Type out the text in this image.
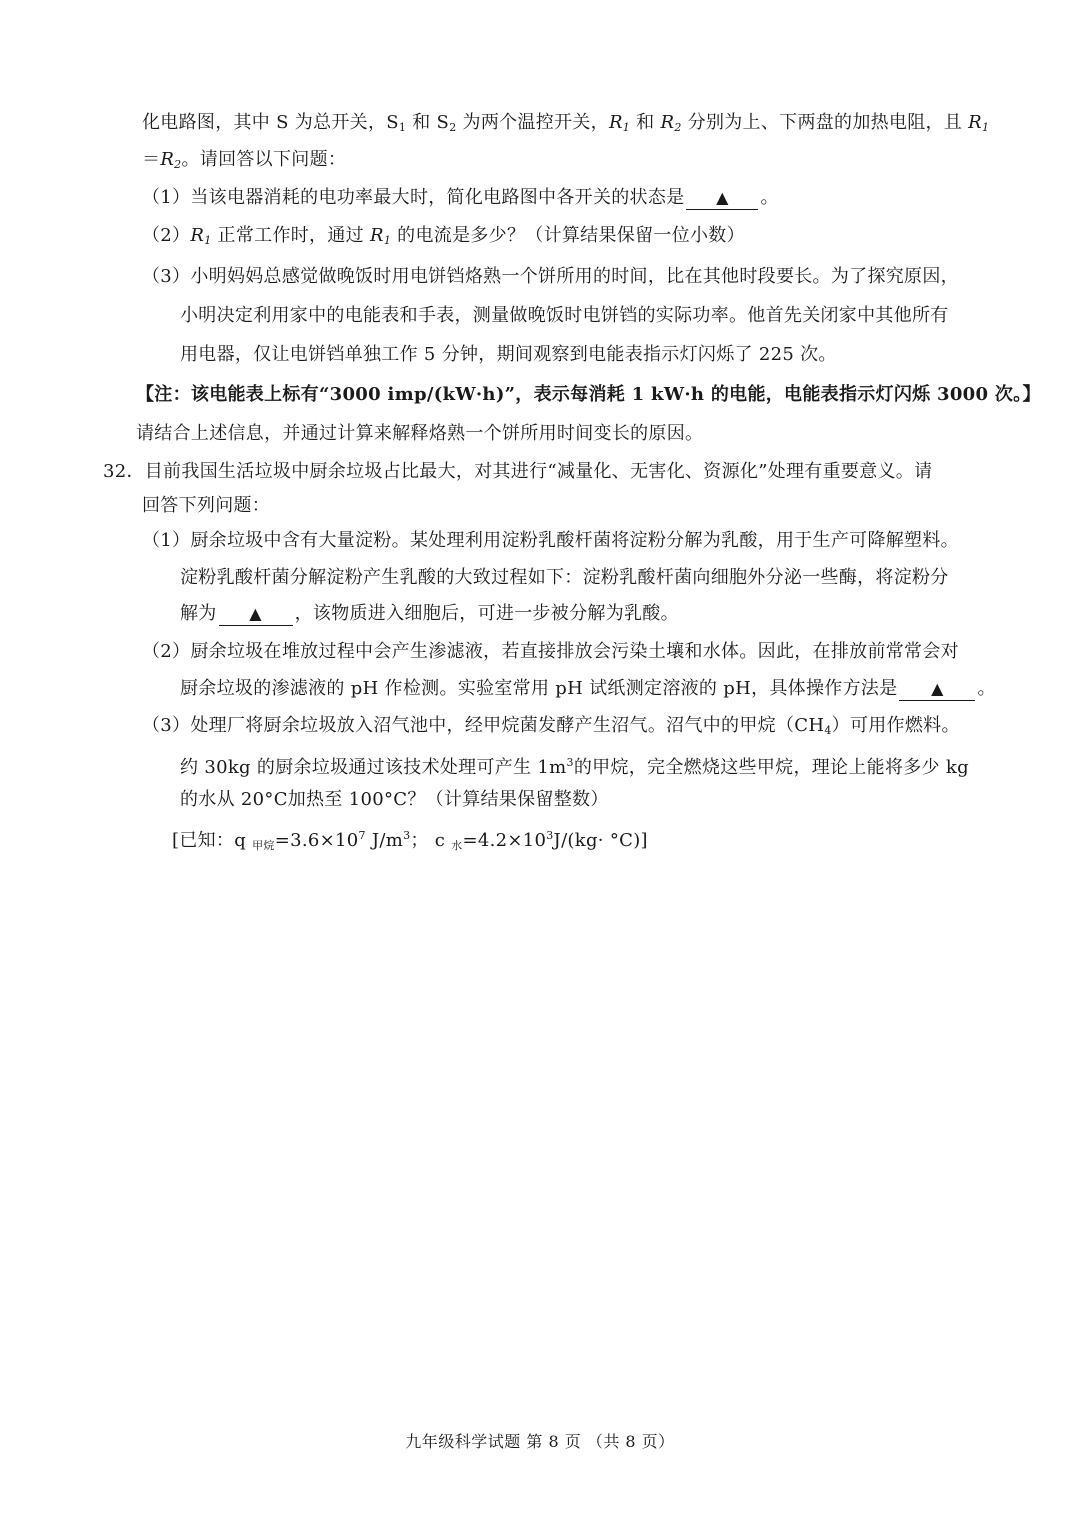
化电路图，其中 S 为总开关，$S_1$ 和 $S_2$ 为两个温控开关，$R_1$ 和 $R_2$ 分别为上、下两盘的加热电阻，且 $R_1$
$=R_2$。请回答以下问题：
（1）当该电器消耗的电功率最大时，简化电路图中各开关的状态是 ▲ 。
$(2)R_1$ 正常工作时，通过 $R_1$ 的电流是多少？（计算结果保留一位小数）
（3）小明妈妈总感觉做晚饭时用电饼铛烙熟一个饼所用的时间，比在其他时段要长。为了探究原因，
小明决定利用家中的电能表和手表，测量做晚饭时电饼铛的实际功率。他首先关闭家中其他所有
用电器，仅让电饼铛单独工作 5 分钟，期间观察到电能表指示灯闪烁了 225 次。
【注：该电能表上标有“3000 imp/(kW·h)”，表示每消耗 1 kW·h 的电能，电能表指示灯闪烁 3000 次。】
请结合上述信息，并通过计算来解释烙熟一个饼所用时间变长的原因。
32．目前我国生活垃圾中厨余垃圾占比最大，对其进行“减量化、无害化、资源化”处理有重要意义。请
回答下列问题：
（1）厨余垃圾中含有大量淀粉。某处理利用淀粉乳酸杆菌将淀粉分解为乳酸，用于生产可降解塑料。
淀粉乳酸杆菌分解淀粉产生乳酸的大致过程如下：淀粉乳酸杆菌向细胞外分泌一些酶，将淀粉分
解为 ▲ ，该物质进入细胞后，可进一步被分解为乳酸。
（2）厨余垃圾在堆放过程中会产生渗滤液，若直接排放会污染土壤和水体。因此，在排放前常常会对
厨余垃圾的渗滤液的 pH 作检测。实验室常用 pH 试纸测定溶液的 pH，具体操作方法是 ▲ 。
（3）处理厂将厨余垃圾放入沼气池中，经甲烷菌发酵产生沼气。沼气中的甲烷$(CH_4)$可用作燃料。
约 30kg 的厨余垃圾通过该技术处理可产生 $1m^3$的甲烷，完全燃烧这些甲烷，理论上能将多少 kg
的水从 20°C加热至 100°C？（计算结果保留整数）
[已知：q $_{甲烷}=3.6\times 10^7$ $J/m^3$； c $_水=4.2\times 10^3J/(kg\cdot ^\circ C)$]
九年级科学试题 第 8 页 （共 8 页）
